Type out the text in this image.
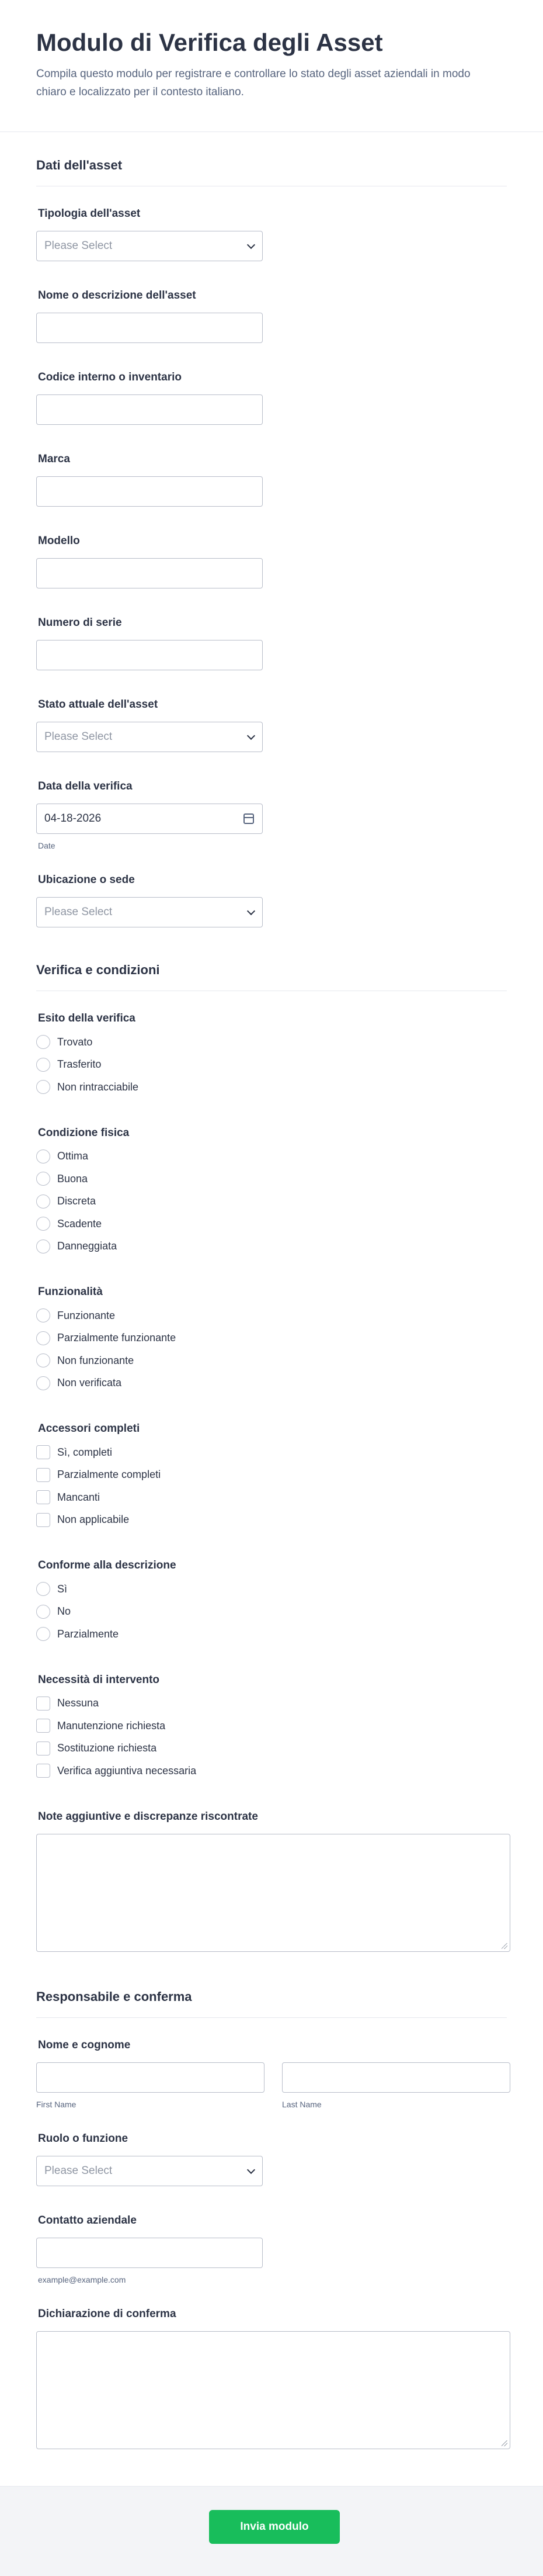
Modulo di Verifica degli Asset

Compila questo modulo per registrare e controllare lo stato degli asset aziendali in modo chiaro e localizzato per il contesto italiano.

Dati dell'asset
Tipologia dell'asset
Please Select
Nome o descrizione dell'asset
Codice interno o inventario
Marca
Modello
Numero di serie
Stato attuale dell'asset
Please Select
Data della verifica
04-18-2026
Date
Ubicazione o sede
Please Select
Verifica e condizioni
Esito della verifica
Trovato
Trasferito
Non rintracciabile
Condizione fisica
Ottima
Buona
Discreta
Scadente
Danneggiata
Funzionalità
Funzionante
Parzialmente funzionante
Non funzionante
Non verificata
Accessori completi
Sì, completi
Parzialmente completi
Mancanti
Non applicabile
Conforme alla descrizione
Sì
No
Parzialmente
Necessità di intervento
Nessuna
Manutenzione richiesta
Sostituzione richiesta
Verifica aggiuntiva necessaria
Note aggiuntive e discrepanze riscontrate
Responsabile e conferma
Nome e cognome
First Name	Last Name
Ruolo o funzione
Please Select
Contatto aziendale
example@example.com
Dichiarazione di conferma
Invia modulo
